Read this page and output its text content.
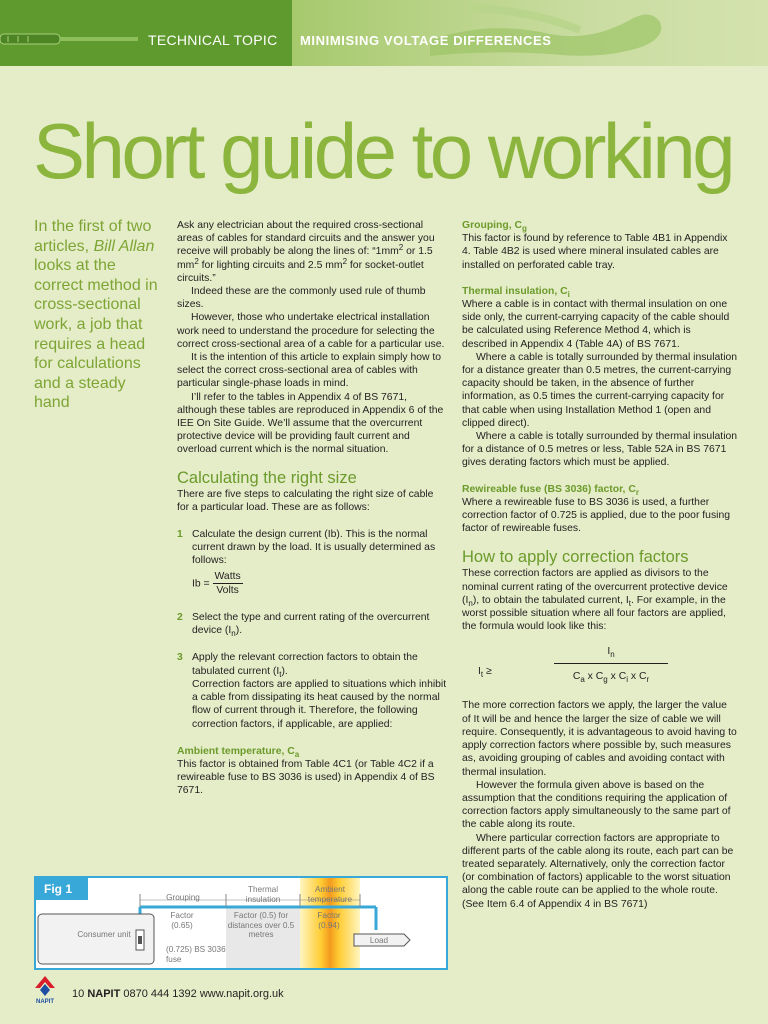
TECHNICAL TOPIC MINIMISING VOLTAGE DIFFERENCES
Short guide to working
In the first of two articles, Bill Allan looks at the correct method in cross-sectional work, a job that requires a head for calculations and a steady hand

Ask any electrician about the required cross-sectional areas of cables for standard circuits and the answer you receive will probably be along the lines of: “$1mm^2$ or 1.5 $mm^2$ for lighting circuits and 2.5 $mm^2$ for socket-outlet circuits.”

Indeed these are the commonly used rule of thumb sizes.

However, those who undertake electrical installation work need to understand the procedure for selecting the correct cross-sectional area of a cable for a particular use.

It is the intention of this article to explain simply how to select the correct cross-sectional area of cables with particular single-phase loads in mind.

I’ll refer to the tables in Appendix 4 of BS 7671, although these tables are reproduced in Appendix 6 of the IEE On Site Guide. We’ll assume that the overcurrent protective device will be providing fault current and overload current which is the normal situation.

Calculating the right size

There are five steps to calculating the right size of cable for a particular load. These are as follows:

1 Calculate the design current (Ib). This is the normal current drawn by the load. It is usually determined as follows:

$Ib = \frac{\text{Watts}}{\text{Volts}}$
2 Select the type and current rating of the overcurrent device $(I_n)$.

3 Apply the relevant correction factors to obtain the tabulated current $(I_t)$.

Correction factors are applied to situations which inhibit a cable from dissipating its heat caused by the normal flow of current through it. Therefore, the following correction factors, if applicable, are applied:

Ambient temperature, $C_a$

This factor is obtained from Table 4C1 (or Table 4C2 if a rewireable fuse to BS 3036 is used) in Appendix 4 of BS 7671.

Grouping, $C_g$

This factor is found by reference to Table 4B1 in Appendix 4. Table 4B2 is used where mineral insulated cables are installed on perforated cable tray.

Thermal insulation, $C_i$

Where a cable is in contact with thermal insulation on one side only, the current-carrying capacity of the cable should be calculated using Reference Method 4, which is described in Appendix 4 (Table 4A) of BS 7671.

Where a cable is totally surrounded by thermal insulation for a distance greater than 0.5 metres, the current-carrying capacity should be taken, in the absence of further information, as 0.5 times the current-carrying capacity for that cable when using Installation Method 1 (open and clipped direct).

Where a cable is totally surrounded by thermal insulation for a distance of 0.5 metres or less, Table 52A in BS 7671 gives derating factors which must be applied.

Rewireable fuse (BS 3036) factor, $C_r$

Where a rewireable fuse to BS 3036 is used, a further correction factor of 0.725 is applied, due to the poor fusing factor of rewireable fuses.

How to apply correction factors

These correction factors are applied as divisors to the nominal current rating of the overcurrent protective device $(I_n)$, to obtain the tabulated current, $I_t$. For example, in the worst possible situation where all four factors are applied, the formula would look like this:

$I_t$ ≥	$\frac{I_n}{C_a x C_g x C_i x C_r}$

The more correction factors we apply, the larger the value of It will be and hence the larger the size of cable we will require. Consequently, it is advantageous to avoid having to apply correction factors where possible by, such measures as, avoiding grouping of cables and avoiding contact with thermal insulation.

However the formula given above is based on the assumption that the conditions requiring the application of correction factors apply simultaneously to the same part of the cable along its route.

Where particular correction factors are appropriate to different parts of the cable along its route, each part can be treated separately. Alternatively, only the correction factor (or combination of factors) applicable to the worst situation along the cable route can be applied to the whole route. (See Item 6.4 of Appendix 4 in BS 7671)

Fig 1
Grouping
Thermal insulation
Ambient temperature
Factor (0.65)
Factor (0.5) for distances over 0.5 metres
Factor (0.94)
Consumer unit
(0.725) BS 3036 fuse
Load
NAPIT
10 NAPIT 0870 444 1392 www.napit.org.uk
